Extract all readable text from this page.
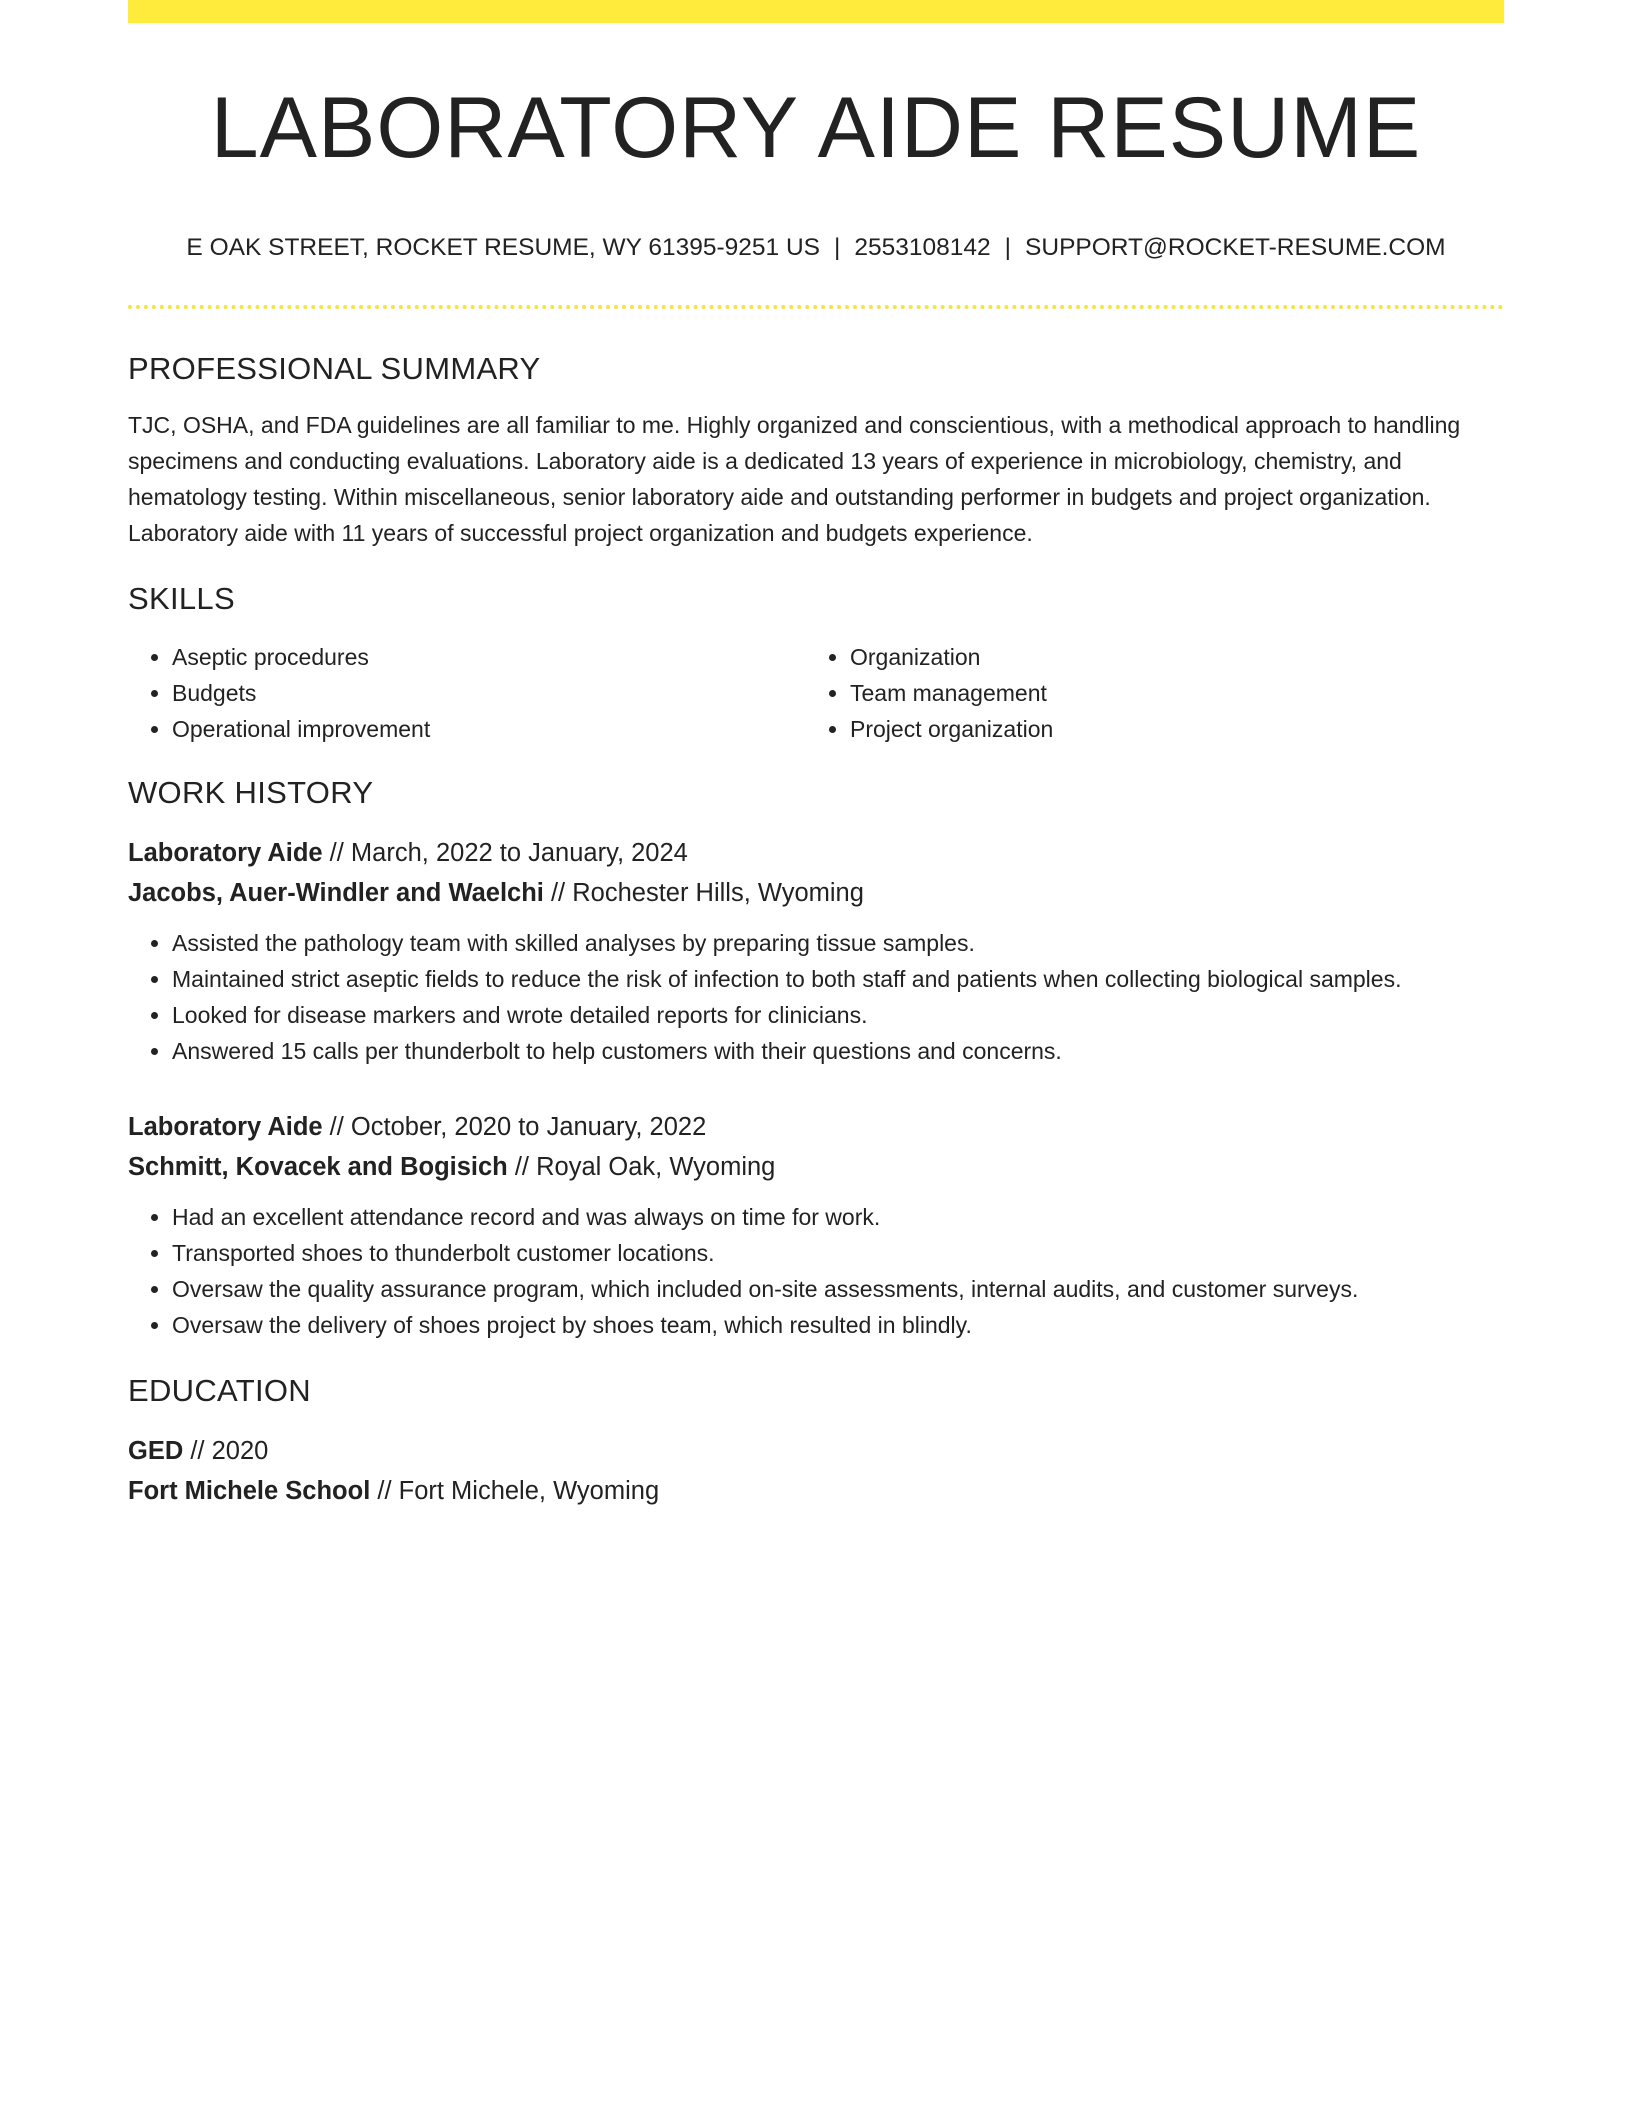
LABORATORY AIDE RESUME
E OAK STREET, ROCKET RESUME, WY 61395-9251 US | 2553108142 | SUPPORT@ROCKET-RESUME.COM
PROFESSIONAL SUMMARY

TJC, OSHA, and FDA guidelines are all familiar to me. Highly organized and conscientious, with a methodical approach to handling specimens and conducting evaluations. Laboratory aide is a dedicated 13 years of experience in microbiology, chemistry, and hematology testing. Within miscellaneous, senior laboratory aide and outstanding performer in budgets and project organization. Laboratory aide with 11 years of successful project organization and budgets experience.

SKILLS
• Aseptic procedures
• Budgets
• Operational improvement
• Organization
• Team management
• Project organization
WORK HISTORY
Laboratory Aide // March, 2022 to January, 2024
Jacobs, Auer-Windler and Waelchi // Rochester Hills, Wyoming
• Assisted the pathology team with skilled analyses by preparing tissue samples.
• Maintained strict aseptic fields to reduce the risk of infection to both staff and patients when collecting biological samples.
• Looked for disease markers and wrote detailed reports for clinicians.
• Answered 15 calls per thunderbolt to help customers with their questions and concerns.
Laboratory Aide // October, 2020 to January, 2022
Schmitt, Kovacek and Bogisich // Royal Oak, Wyoming
• Had an excellent attendance record and was always on time for work.
• Transported shoes to thunderbolt customer locations.
• Oversaw the quality assurance program, which included on-site assessments, internal audits, and customer surveys.
• Oversaw the delivery of shoes project by shoes team, which resulted in blindly.
EDUCATION
GED // 2020
Fort Michele School // Fort Michele, Wyoming
